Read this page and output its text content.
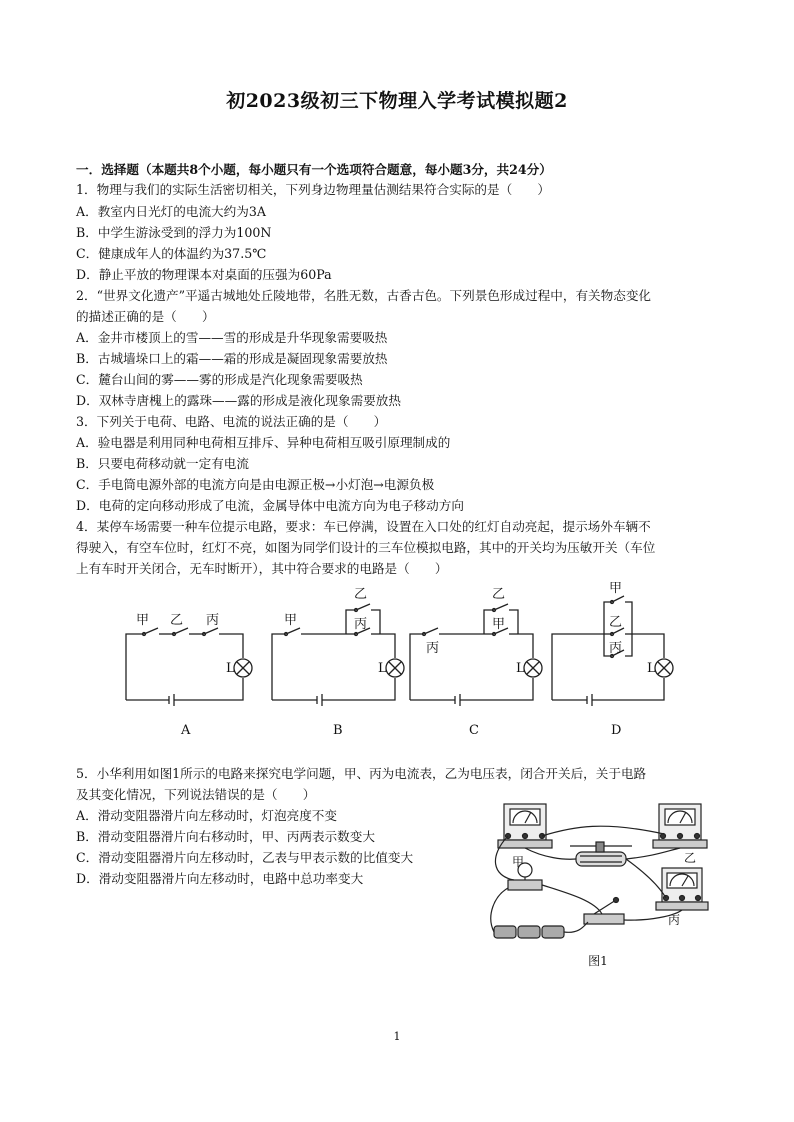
初2023级初三下物理入学考试模拟题2
一．选择题（本题共8个小题，每小题只有一个选项符合题意，每小题3分，共24分）
1．物理与我们的实际生活密切相关，下列身边物理量估测结果符合实际的是（　　）
A．教室内日光灯的电流大约为3A
B．中学生游泳受到的浮力为100N
C．健康成年人的体温约为37.5℃
D．静止平放的物理课本对桌面的压强为60Pa
2．“世界文化遗产”平遥古城地处丘陵地带，名胜无数，古香古色。下列景色形成过程中，有关物态变化
的描述正确的是（　　）
A．金井市楼顶上的雪——雪的形成是升华现象需要吸热
B．古城墙垛口上的霜——霜的形成是凝固现象需要放热
C．麓台山间的雾——雾的形成是汽化现象需要吸热
D．双林寺唐槐上的露珠——露的形成是液化现象需要放热
3．下列关于电荷、电路、电流的说法正确的是（　　）
A．验电器是利用同种电荷相互排斥、异种电荷相互吸引原理制成的
B．只要电荷移动就一定有电流
C．手电筒电源外部的电流方向是由电源正极→小灯泡→电源负极
D．电荷的定向移动形成了电流，金属导体中电流方向为电子移动方向
4．某停车场需要一种车位提示电路，要求：车已停满，设置在入口处的红灯自动亮起，提示场外车辆不
得驶入，有空车位时，红灯不亮，如图为同学们设计的三车位模拟电路，其中的开关均为压敏开关（车位
上有车时开关闭合，无车时断开），其中符合要求的电路是（　　）
甲 乙 丙
L
A
甲
乙
丙
L
B
丙
乙
甲
L
C
甲
乙
丙
L
D
5．小华利用如图1所示的电路来探究电学问题，甲、丙为电流表，乙为电压表，闭合开关后，关于电路
及其变化情况，下列说法错误的是（　　）
A．滑动变阻器滑片向左移动时，灯泡亮度不变
B．滑动变阻器滑片向右移动时，甲、丙两表示数变大
C．滑动变阻器滑片向左移动时，乙表与甲表示数的比值变大
D．滑动变阻器滑片向左移动时，电路中总功率变大
甲	乙
丙
图1
1
